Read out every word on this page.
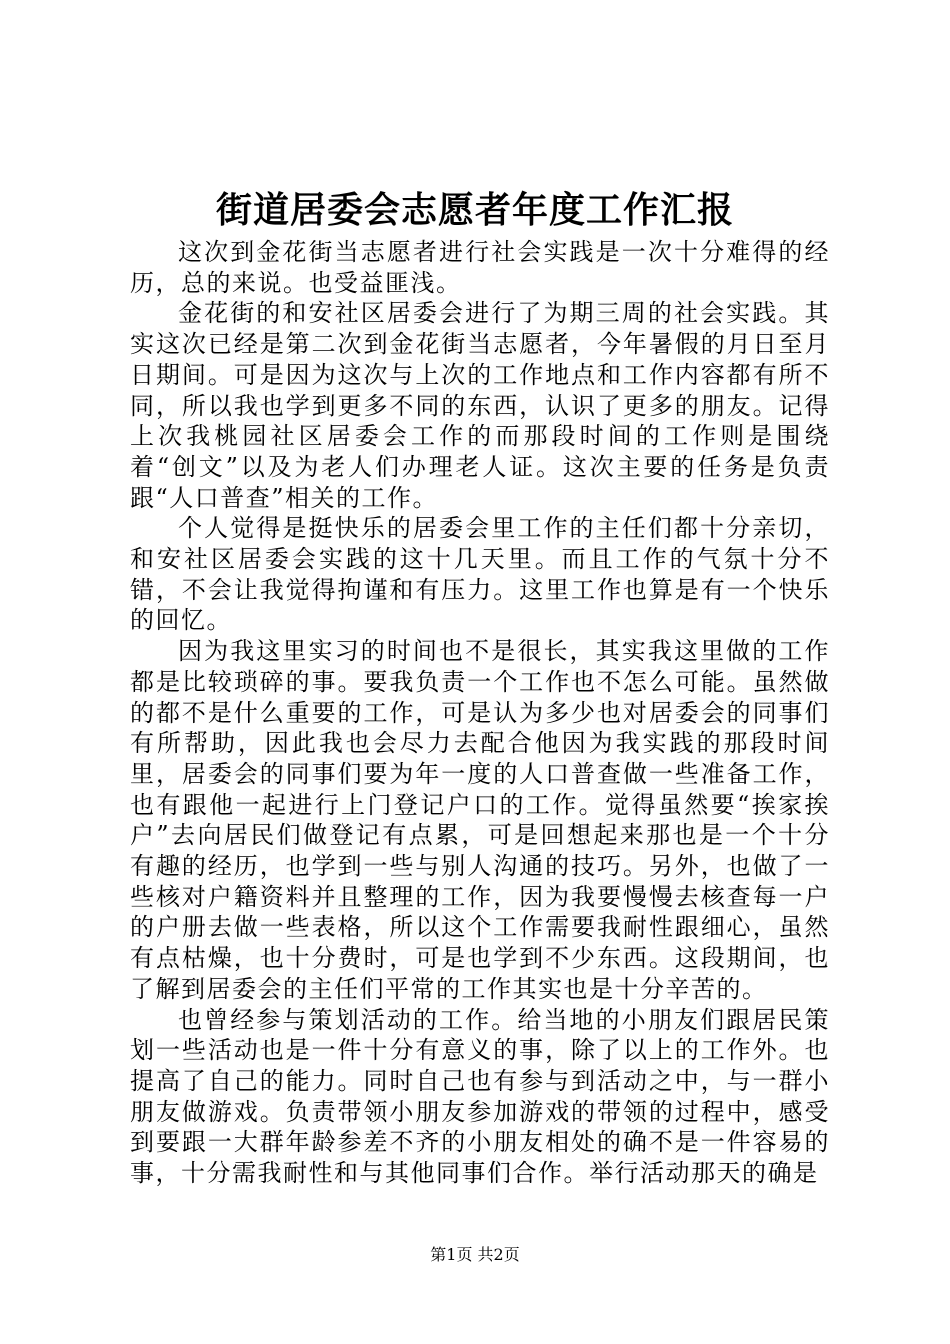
街道居委会志愿者年度工作汇报

这次到金花街当志愿者进行社会实践是一次十分难得的经历，总的来说。也受益匪浅。

金花街的和安社区居委会进行了为期三周的社会实践。其实这次已经是第二次到金花街当志愿者，今年暑假的月日至月日期间。可是因为这次与上次的工作地点和工作内容都有所不同，所以我也学到更多不同的东西，认识了更多的朋友。记得上次我桃园社区居委会工作的而那段时间的工作则是围绕着“创文”以及为老人们办理老人证。这次主要的任务是负责跟“人口普查”相关的工作。

个人觉得是挺快乐的居委会里工作的主任们都十分亲切，和安社区居委会实践的这十几天里。而且工作的气氛十分不错，不会让我觉得拘谨和有压力。这里工作也算是有一个快乐的回忆。

因为我这里实习的时间也不是很长，其实我这里做的工作都是比较琐碎的事。要我负责一个工作也不怎么可能。虽然做的都不是什么重要的工作，可是认为多少也对居委会的同事们有所帮助，因此我也会尽力去配合他因为我实践的那段时间里，居委会的同事们要为年一度的人口普查做一些准备工作，也有跟他一起进行上门登记户口的工作。觉得虽然要“挨家挨户”去向居民们做登记有点累，可是回想起来那也是一个十分有趣的经历，也学到一些与别人沟通的技巧。另外，也做了一些核对户籍资料并且整理的工作，因为我要慢慢去核查每一户的户册去做一些表格，所以这个工作需要我耐性跟细心，虽然有点枯燥，也十分费时，可是也学到不少东西。这段期间，也了解到居委会的主任们平常的工作其实也是十分辛苦的。

也曾经参与策划活动的工作。给当地的小朋友们跟居民策划一些活动也是一件十分有意义的事，除了以上的工作外。也提高了自己的能力。同时自己也有参与到活动之中，与一群小朋友做游戏。负责带领小朋友参加游戏的带领的过程中，感受到要跟一大群年龄参差不齐的小朋友相处的确不是一件容易的事，十分需我耐性和与其他同事们合作。举行活动那天的确是

第1页 共2页
